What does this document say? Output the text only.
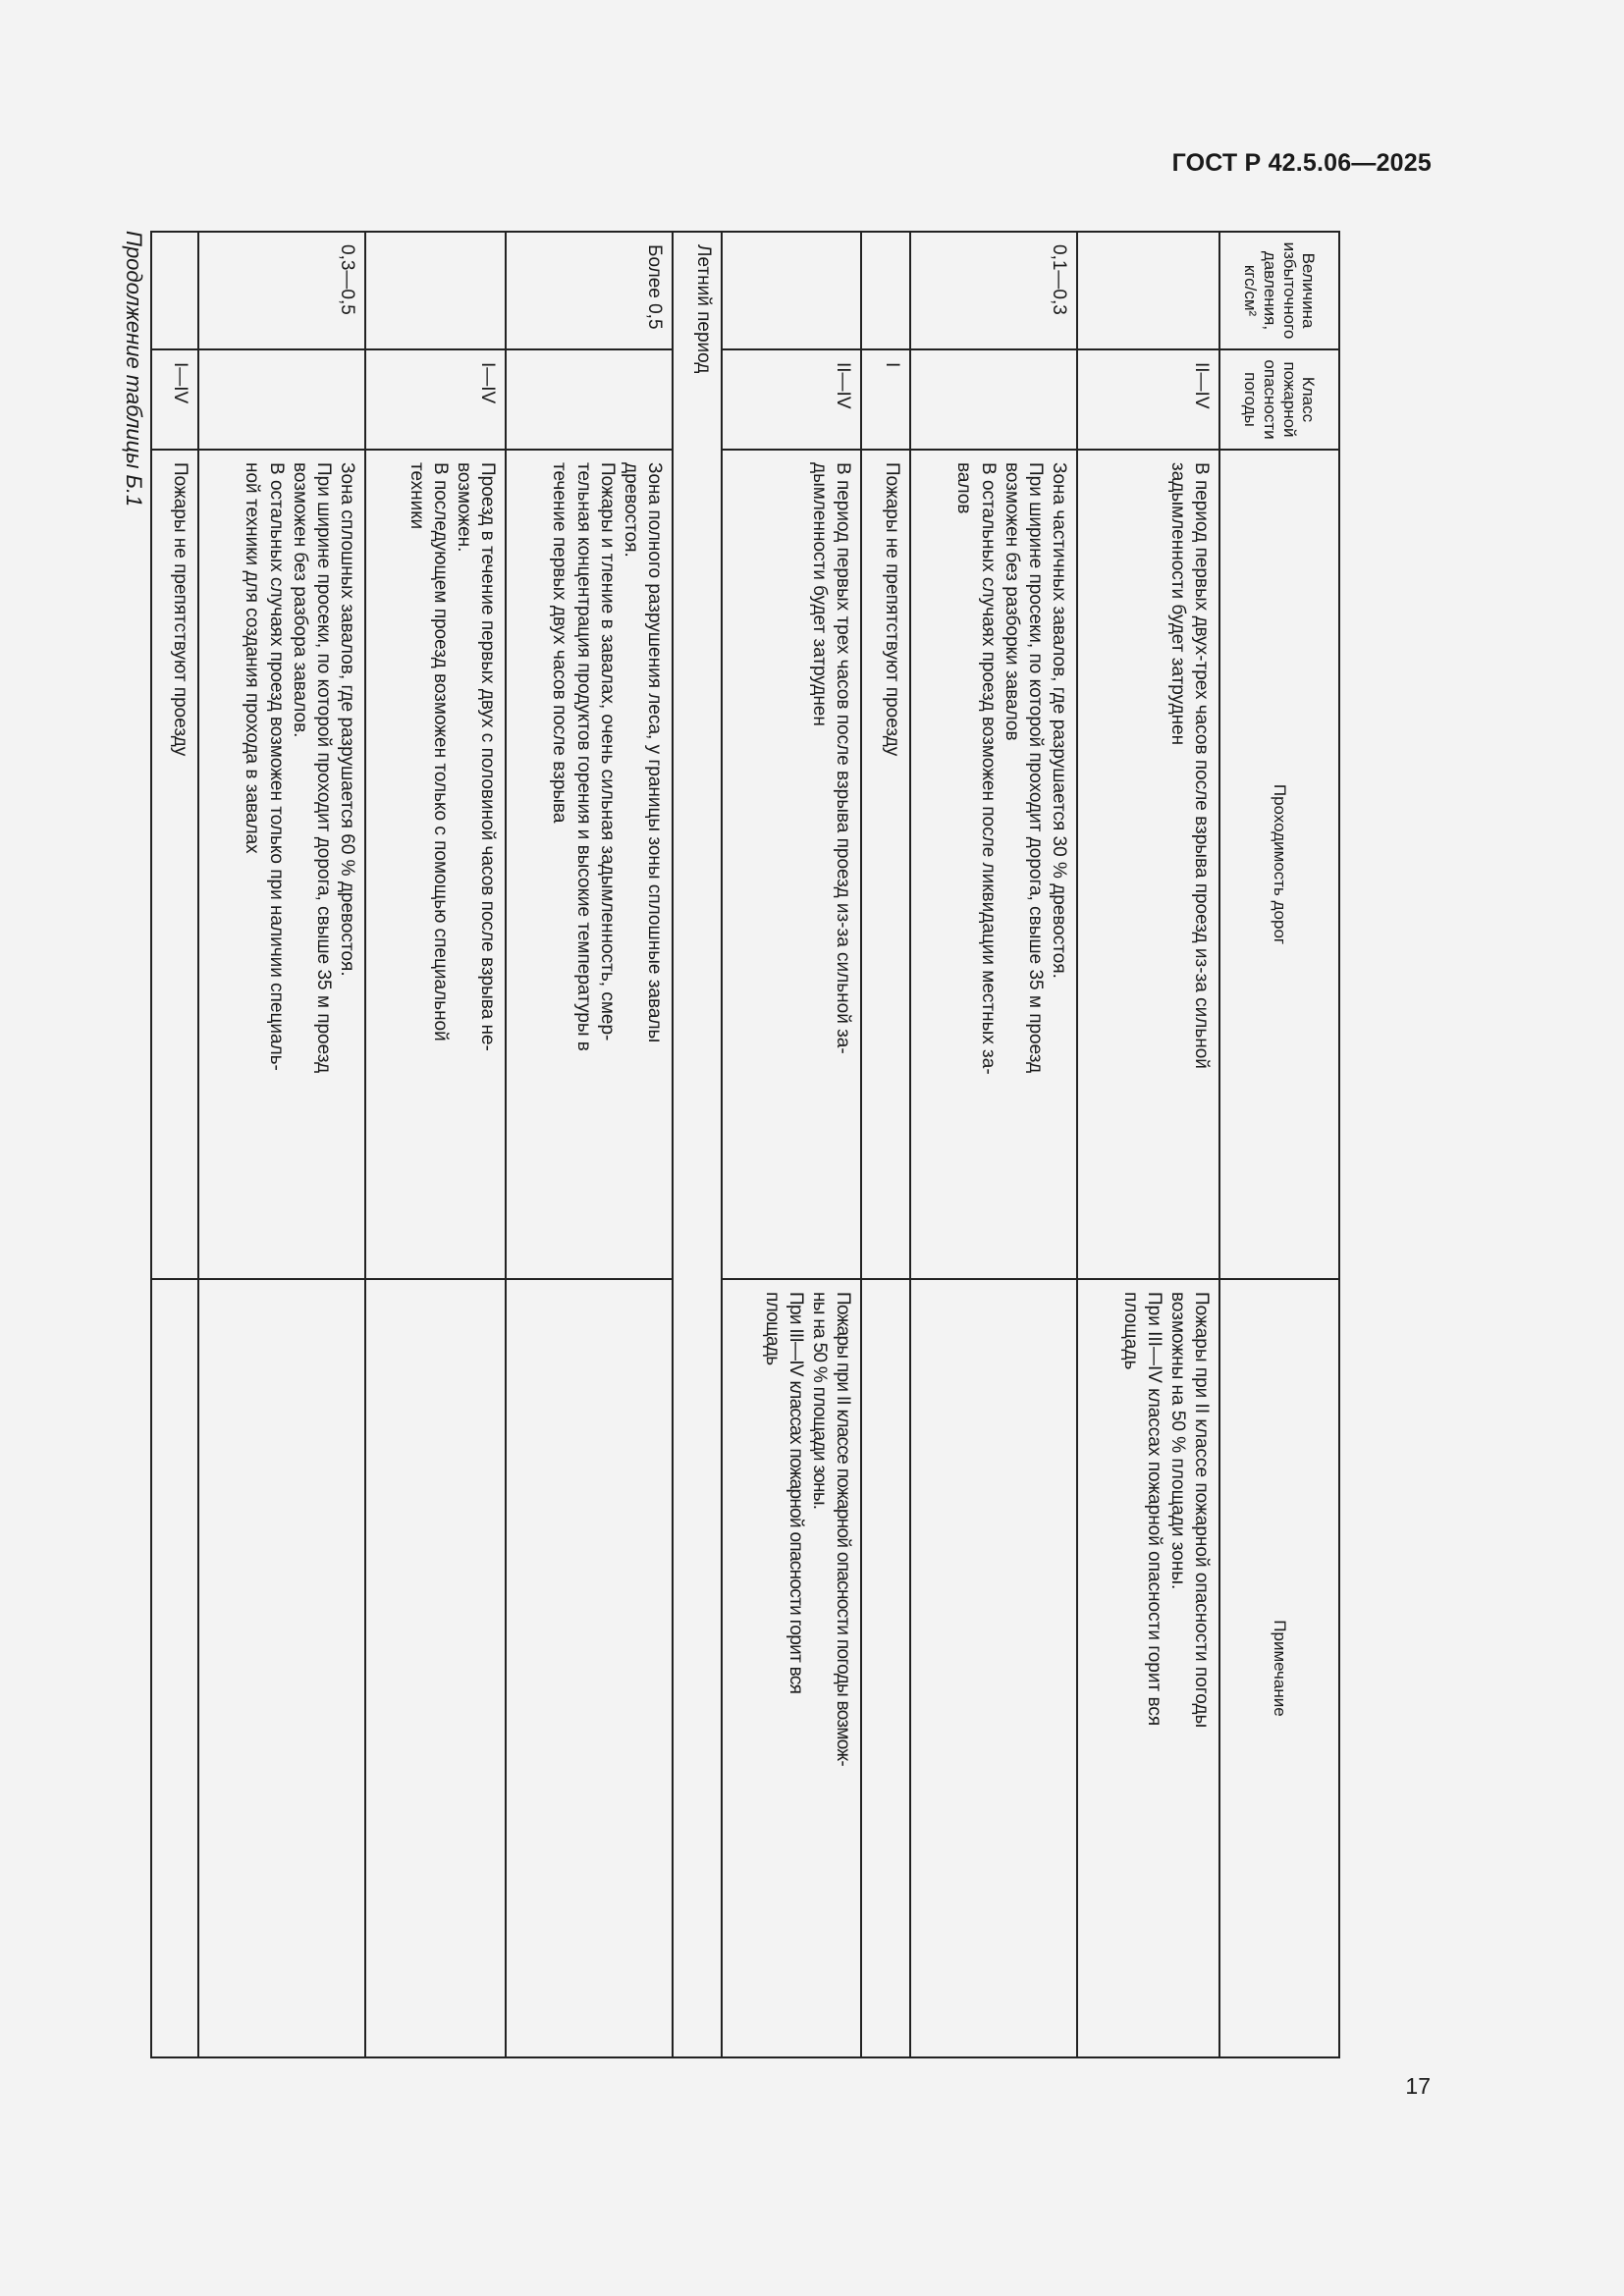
ГОСТ Р 42.5.06—2025
Величина
избыточного
давления, кгс/см²	Класс
пожарной
опасности
погоды	Проходимость дорог	Примечание
	II—IV	В период первых двух-трех часов после взрыва проезд из-за сильной
задымленности будет затруднен	Пожары при II классе пожарной опасности погоды
возможны на 50 % площади зоны.
При III—IV классах пожарной опасности горит вся
площадь

0,1—0,3		Зона частичных завалов, где разрушается 30 % древостоя.
При ширине просеки, по которой проходит дорога, свыше 35 м проезд
возможен без разборки завалов
В остальных случаях проезд возможен после ликвидации местных за-
валов	

	I	Пожары не препятствуют проезду	

	II—IV	В период первых трех часов после взрыва проезд из-за сильной за-
дымленности будет затруднен	Пожары при II классе пожарной опасности погоды возмож-
ны на 50 % площади зоны.
При III—IV классах пожарной опасности горит вся
площадь

Летний период			
Более 0,5		Зона полного разрушения леса, у границы зоны сплошные завалы
древостоя.
Пожары и тление в завалах, очень сильная задымленность, смер-
тельная концентрация продуктов горения и высокие температуры в
течение первых двух часов после взрыва	

	I—IV	Проезд в течение первых двух с половиной часов после взрыва не-
возможен.
В последующем проезд возможен только с помощью специальной
техники	

0,3—0,5		Зона сплошных завалов, где разрушается 60 % древостоя.
При ширине просеки, по которой проходит дорога, свыше 35 м проезд
возможен без разбора завалов.
В остальных случаях проезд возможен только при наличии специаль-
ной техники для создания прохода в завалах	

	I—IV	Пожары не препятствуют проезду	

Продолжение таблицы Б.1
17
